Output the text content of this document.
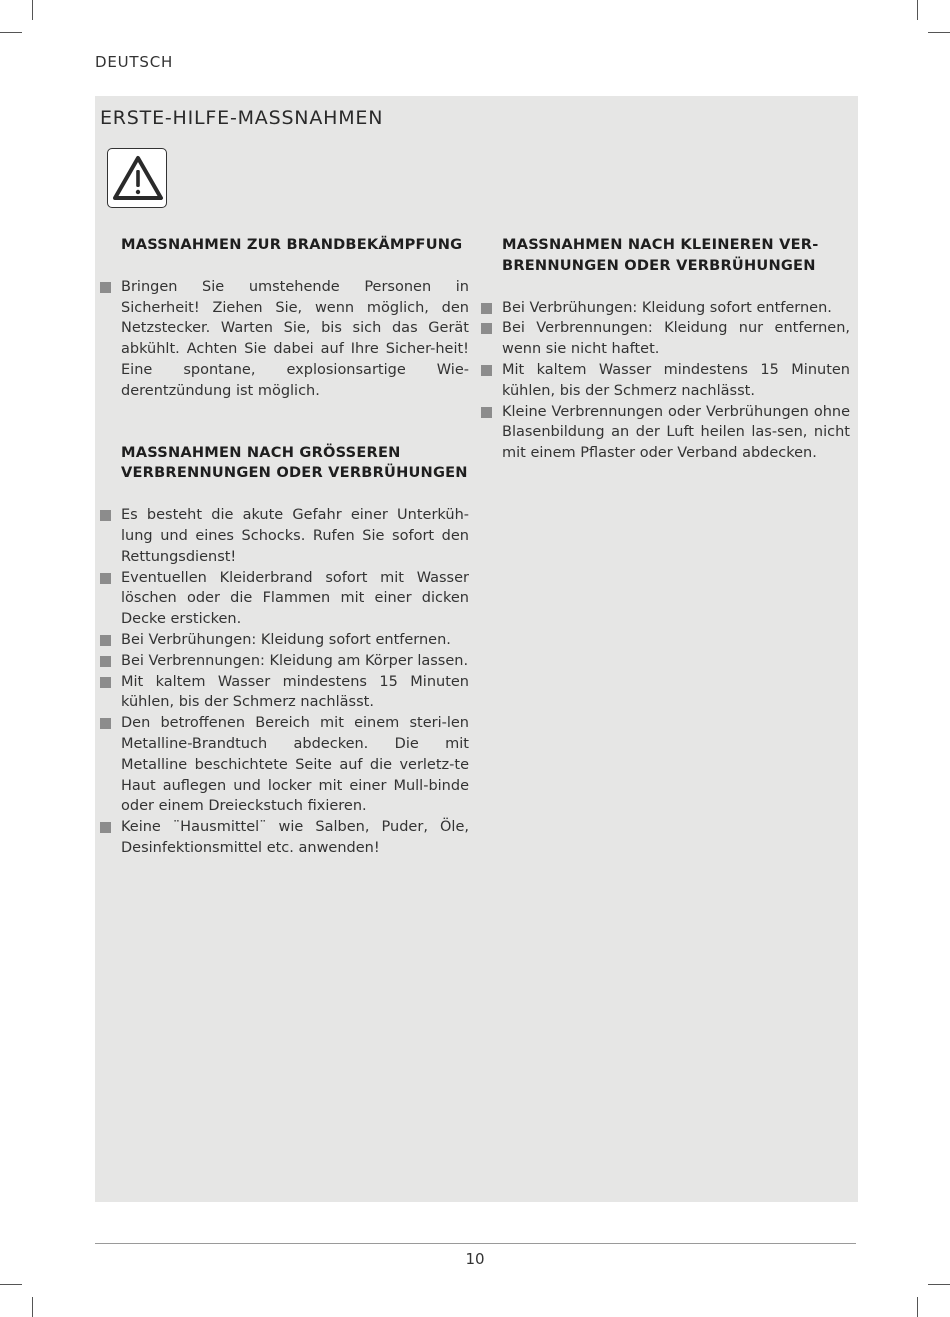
DEUTSCH
ERSTE-HILFE-MASSNAHMEN
MASSNAHMEN ZUR BRANDBEKÄMPFUNG
Bringen Sie umstehende Personen in Sicherheit! Ziehen Sie, wenn möglich, den Netzstecker. Warten Sie, bis sich das Gerät abkühlt. Achten Sie dabei auf Ihre Sicher-heit! Eine spontane, explosionsartige Wie-derentzündung ist möglich.
MASSNAHMEN NACH GRÖSSEREN VERBRENNUNGEN ODER VERBRÜHUNGEN
Es besteht die akute Gefahr einer Unterküh-lung und eines Schocks. Rufen Sie sofort den Rettungsdienst!
Eventuellen Kleiderbrand sofort mit Wasser löschen oder die Flammen mit einer dicken Decke ersticken.
Bei Verbrühungen: Kleidung sofort entfernen.
Bei Verbrennungen: Kleidung am Körper lassen.
Mit kaltem Wasser mindestens 15 Minuten kühlen, bis der Schmerz nachlässt.
Den betroffenen Bereich mit einem steri-len Metalline-Brandtuch abdecken. Die mit Metalline beschichtete Seite auf die verletz-te Haut auflegen und locker mit einer Mull-binde oder einem Dreieckstuch fixieren.
Keine ¨Hausmittel¨ wie Salben, Puder, Öle, Desinfektionsmittel etc. anwenden!
MASSNAHMEN NACH KLEINEREN VER-BRENNUNGEN ODER VERBRÜHUNGEN
Bei Verbrühungen: Kleidung sofort entfernen.
Bei Verbrennungen: Kleidung nur entfernen, wenn sie nicht haftet.
Mit kaltem Wasser mindestens 15 Minuten kühlen, bis der Schmerz nachlässt.
Kleine Verbrennungen oder Verbrühungen ohne Blasenbildung an der Luft heilen las-sen, nicht mit einem Pflaster oder Verband abdecken.
10
